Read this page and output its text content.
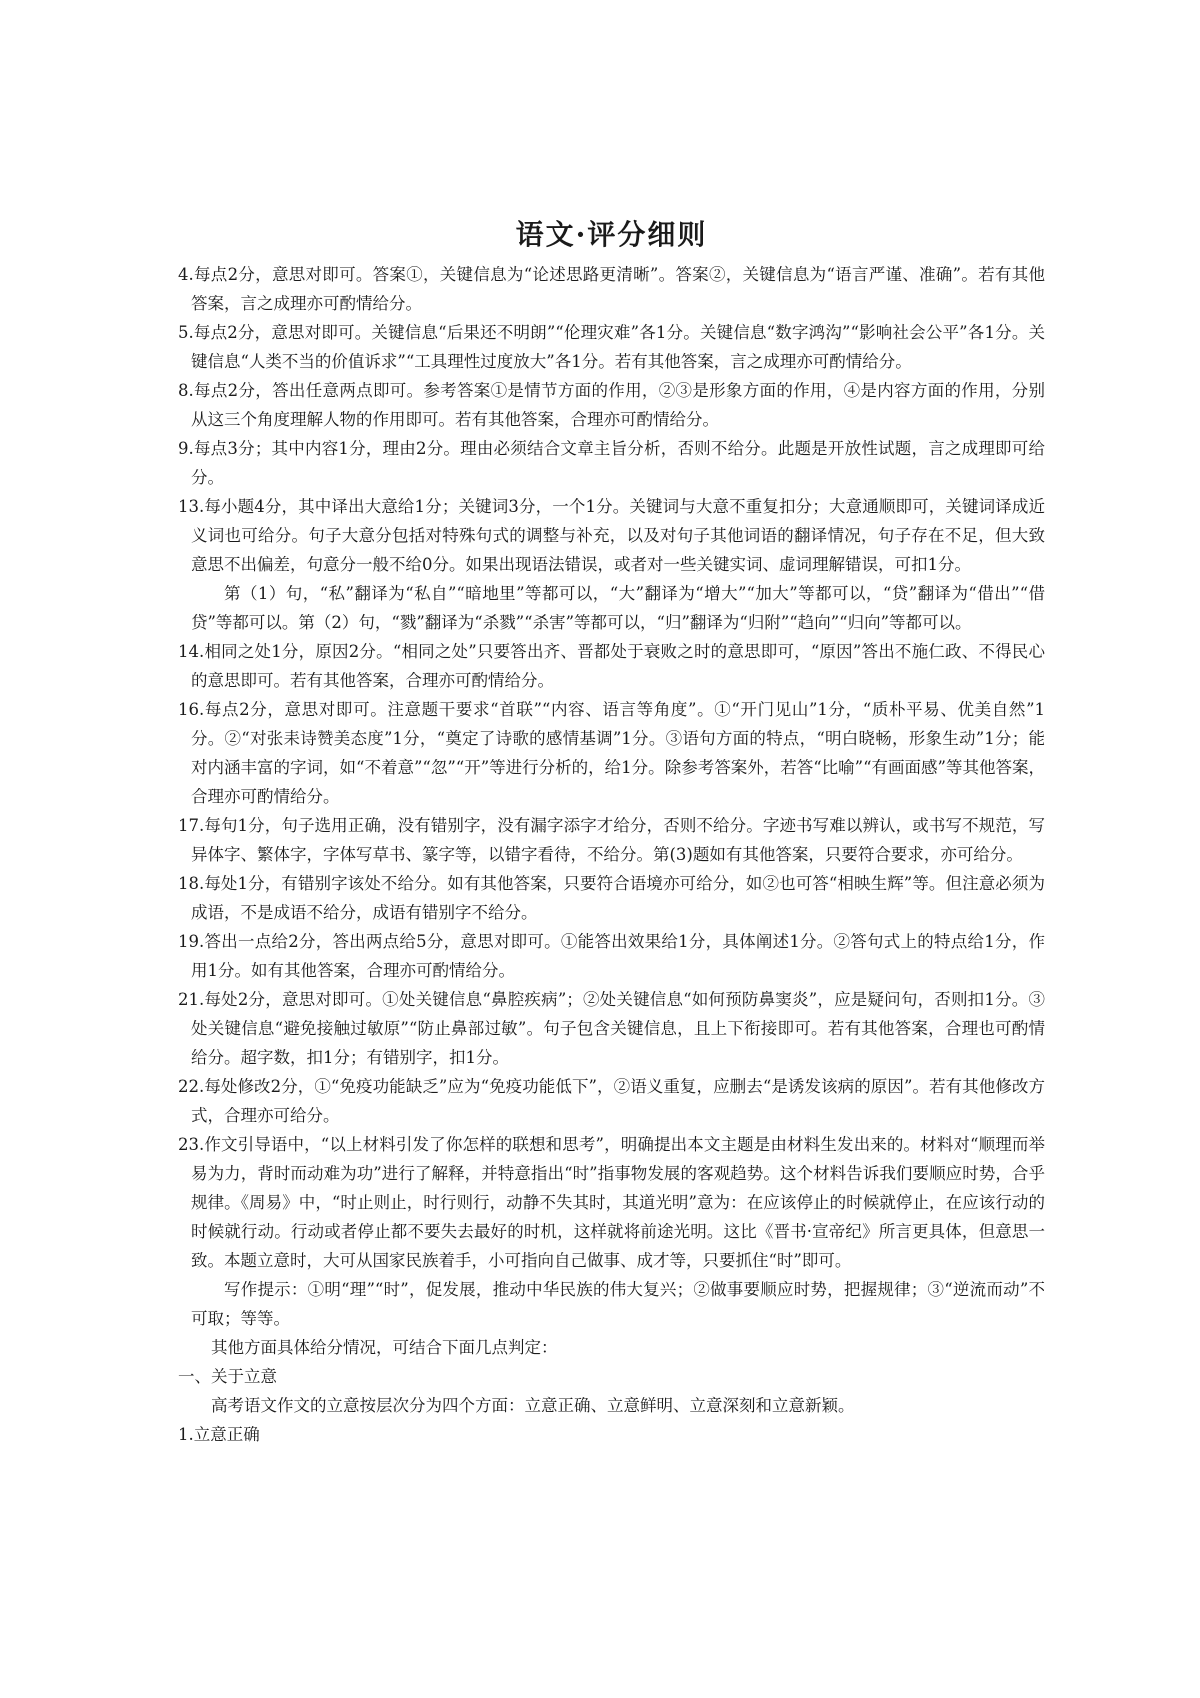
语文·评分细则
4.每点2分，意思对即可。答案①，关键信息为“论述思路更清晰”。答案②，关键信息为“语言严谨、准确”。若有其他答案，言之成理亦可酌情给分。
5.每点2分，意思对即可。关键信息“后果还不明朗”“伦理灾难”各1分。关键信息“数字鸿沟”“影响社会公平”各1分。关键信息“人类不当的价值诉求”“工具理性过度放大”各1分。若有其他答案，言之成理亦可酌情给分。
8.每点2分，答出任意两点即可。参考答案①是情节方面的作用，②③是形象方面的作用，④是内容方面的作用，分别从这三个角度理解人物的作用即可。若有其他答案，合理亦可酌情给分。
9.每点3分；其中内容1分，理由2分。理由必须结合文章主旨分析，否则不给分。此题是开放性试题，言之成理即可给分。
13.每小题4分，其中译出大意给1分；关键词3分，一个1分。关键词与大意不重复扣分；大意通顺即可，关键词译成近义词也可给分。句子大意分包括对特殊句式的调整与补充，以及对句子其他词语的翻译情况，句子存在不足，但大致意思不出偏差，句意分一般不给0分。如果出现语法错误，或者对一些关键实词、虚词理解错误，可扣1分。
第（1）句，“私”翻译为“私自”“暗地里”等都可以，“大”翻译为“增大”“加大”等都可以，“贷”翻译为“借出”“借贷”等都可以。第（2）句，“戮”翻译为“杀戮”“杀害”等都可以，“归”翻译为“归附”“趋向”“归向”等都可以。
14.相同之处1分，原因2分。“相同之处”只要答出齐、晋都处于衰败之时的意思即可，“原因”答出不施仁政、不得民心的意思即可。若有其他答案，合理亦可酌情给分。
16.每点2分，意思对即可。注意题干要求“首联”“内容、语言等角度”。①“开门见山”1分，“质朴平易、优美自然”1分。②“对张耒诗赞美态度”1分，“奠定了诗歌的感情基调”1分。③语句方面的特点，“明白晓畅，形象生动”1分；能对内涵丰富的字词，如“不着意”“忽”“开”等进行分析的，给1分。除参考答案外，若答“比喻”“有画面感”等其他答案，合理亦可酌情给分。
17.每句1分，句子选用正确，没有错别字，没有漏字添字才给分，否则不给分。字迹书写难以辨认，或书写不规范，写异体字、繁体字，字体写草书、篆字等，以错字看待，不给分。第(3)题如有其他答案，只要符合要求，亦可给分。
18.每处1分，有错别字该处不给分。如有其他答案，只要符合语境亦可给分，如②也可答“相映生辉”等。但注意必须为成语，不是成语不给分，成语有错别字不给分。
19.答出一点给2分，答出两点给5分，意思对即可。①能答出效果给1分，具体阐述1分。②答句式上的特点给1分，作用1分。如有其他答案，合理亦可酌情给分。
21.每处2分，意思对即可。①处关键信息“鼻腔疾病”；②处关键信息“如何预防鼻窦炎”，应是疑问句，否则扣1分。③处关键信息“避免接触过敏原”“防止鼻部过敏”。句子包含关键信息，且上下衔接即可。若有其他答案，合理也可酌情给分。超字数，扣1分；有错别字，扣1分。
22.每处修改2分，①“免疫功能缺乏”应为“免疫功能低下”，②语义重复，应删去“是诱发该病的原因”。若有其他修改方式，合理亦可给分。
23.作文引导语中，“以上材料引发了你怎样的联想和思考”，明确提出本文主题是由材料生发出来的。材料对“顺理而举易为力，背时而动难为功”进行了解释，并特意指出“时”指事物发展的客观趋势。这个材料告诉我们要顺应时势，合乎规律。《周易》中，“时止则止，时行则行，动静不失其时，其道光明”意为：在应该停止的时候就停止，在应该行动的时候就行动。行动或者停止都不要失去最好的时机，这样就将前途光明。这比《晋书·宣帝纪》所言更具体，但意思一致。本题立意时，大可从国家民族着手，小可指向自己做事、成才等，只要抓住“时”即可。
写作提示：①明“理”“时”，促发展，推动中华民族的伟大复兴；②做事要顺应时势，把握规律；③“逆流而动”不可取；等等。
其他方面具体给分情况，可结合下面几点判定：
一、关于立意
高考语文作文的立意按层次分为四个方面：立意正确、立意鲜明、立意深刻和立意新颖。
1.立意正确
